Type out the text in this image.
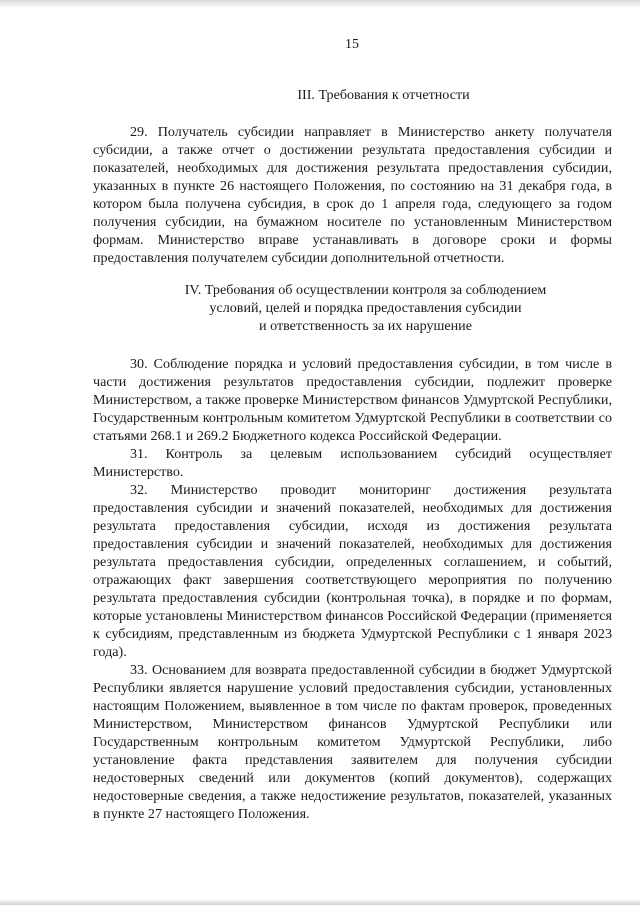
15

III. Требования к отчетности

29. Получатель субсидии направляет в Министерство анкету получателя субсидии, а также отчет о достижении результата предоставления субсидии и показателей, необходимых для достижения результата предоставления субсидии, указанных в пункте 26 настоящего Положения, по состоянию на 31 декабря года, в котором была получена субсидия, в срок до 1 апреля года, следующего за годом получения субсидии, на бумажном носителе по установленным Министерством формам. Министерство вправе устанавливать в договоре сроки и формы предоставления получателем субсидии дополнительной отчетности.

IV. Требования об осуществлении контроля за соблюдением
условий, целей и порядка предоставления субсидии
и ответственность за их нарушение

30. Соблюдение порядка и условий предоставления субсидии, в том числе в части достижения результатов предоставления субсидии, подлежит проверке Министерством, а также проверке Министерством финансов Удмуртской Республики, Государственным контрольным комитетом Удмуртской Республики в соответствии со статьями 268.1 и 269.2 Бюджетного кодекса Российской Федерации.

31. Контроль за целевым использованием субсидий осуществляет Министерство.

32. Министерство проводит мониторинг достижения результата предоставления субсидии и значений показателей, необходимых для достижения результата предоставления субсидии, исходя из достижения результата предоставления субсидии и значений показателей, необходимых для достижения результата предоставления субсидии, определенных соглашением, и событий, отражающих факт завершения соответствующего мероприятия по получению результата предоставления субсидии (контрольная точка), в порядке и по формам, которые установлены Министерством финансов Российской Федерации (применяется к субсидиям, представленным из бюджета Удмуртской Республики с 1 января 2023 года).

33. Основанием для возврата предоставленной субсидии в бюджет Удмуртской Республики является нарушение условий предоставления субсидии, установленных настоящим Положением, выявленное в том числе по фактам проверок, проведенных Министерством, Министерством финансов Удмуртской Республики или Государственным контрольным комитетом Удмуртской Республики, либо установление факта представления заявителем для получения субсидии недостоверных сведений или документов (копий документов), содержащих недостоверные сведения, а также недостижение результатов, показателей, указанных в пункте 27 настоящего Положения.
